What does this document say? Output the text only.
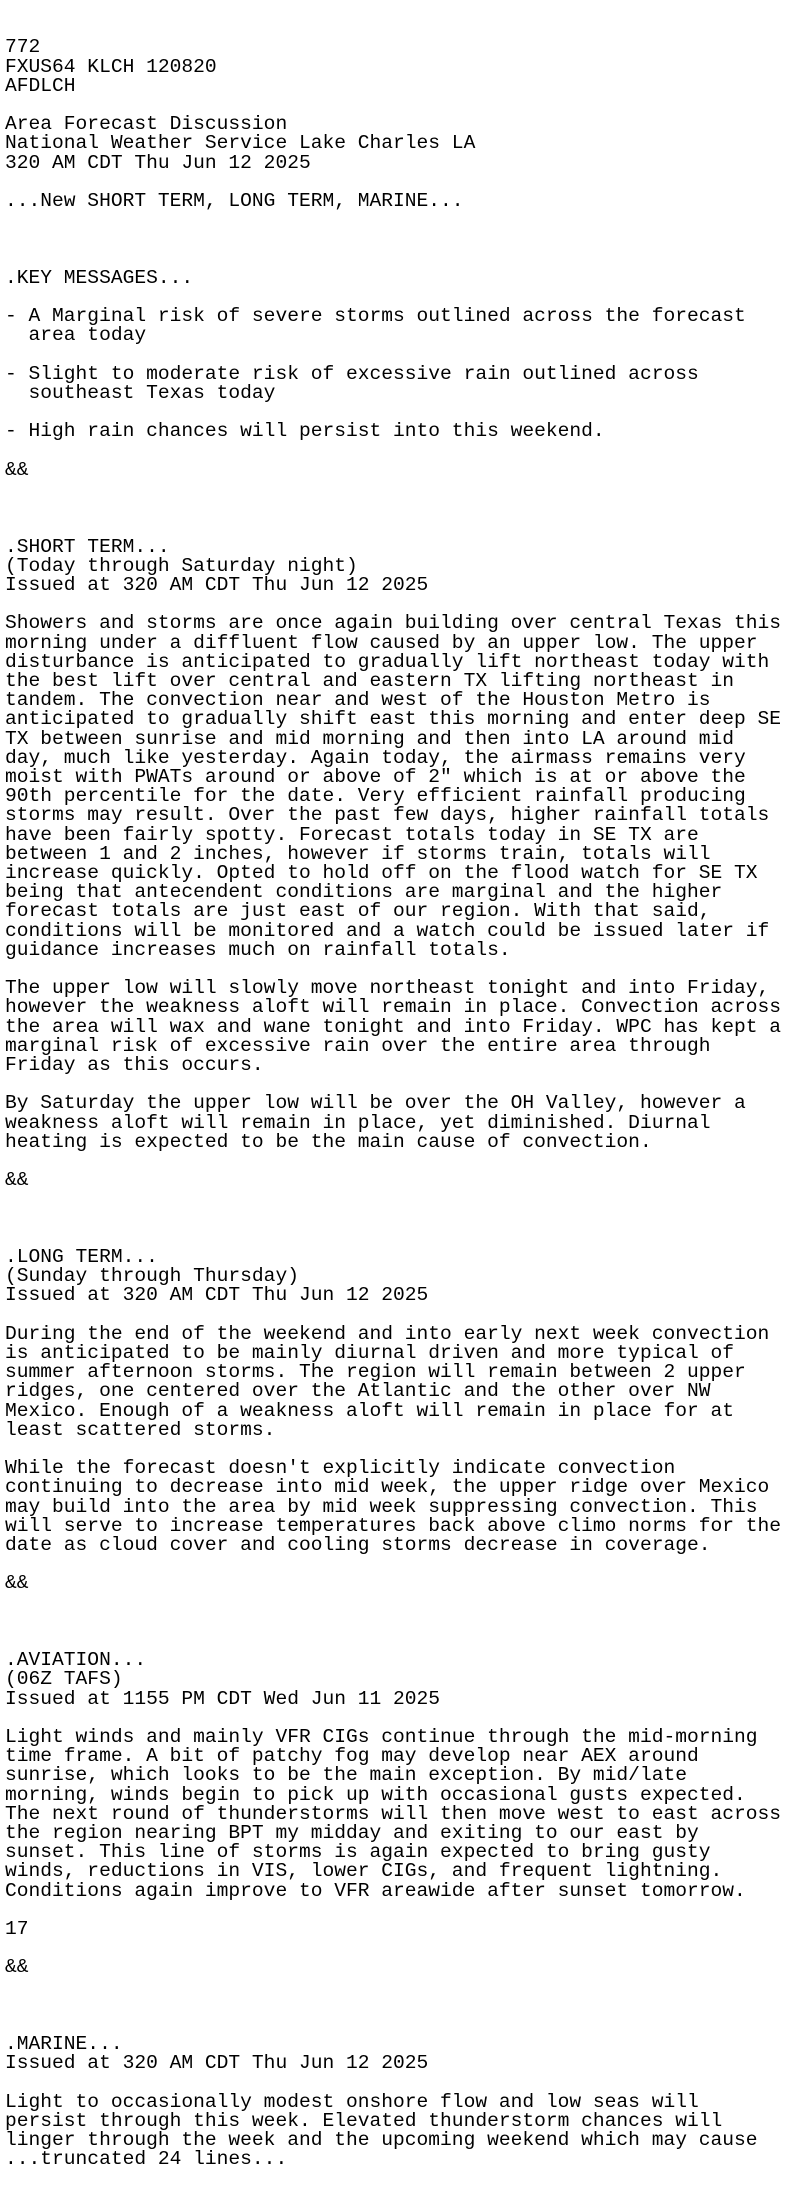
772
FXUS64 KLCH 120820
AFDLCH
Area Forecast Discussion
National Weather Service Lake Charles LA
320 AM CDT Thu Jun 12 2025
...New SHORT TERM, LONG TERM, MARINE...

.KEY MESSAGES...
- A Marginal risk of severe storms outlined across the forecast
area today
- Slight to moderate risk of excessive rain outlined across
southeast Texas today
- High rain chances will persist into this weekend.
&&

.SHORT TERM...
(Today through Saturday night)
Issued at 320 AM CDT Thu Jun 12 2025
Showers and storms are once again building over central Texas this
morning under a diffluent flow caused by an upper low. The upper
disturbance is anticipated to gradually lift northeast today with
the best lift over central and eastern TX lifting northeast in
tandem. The convection near and west of the Houston Metro is
anticipated to gradually shift east this morning and enter deep SE
TX between sunrise and mid morning and then into LA around mid
day, much like yesterday. Again today, the airmass remains very
moist with PWATs around or above of 2" which is at or above the
90th percentile for the date. Very efficient rainfall producing
storms may result. Over the past few days, higher rainfall totals
have been fairly spotty. Forecast totals today in SE TX are
between 1 and 2 inches, however if storms train, totals will
increase quickly. Opted to hold off on the flood watch for SE TX
being that antecendent conditions are marginal and the higher
forecast totals are just east of our region. With that said,
conditions will be monitored and a watch could be issued later if
guidance increases much on rainfall totals.
The upper low will slowly move northeast tonight and into Friday,
however the weakness aloft will remain in place. Convection across
the area will wax and wane tonight and into Friday. WPC has kept a
marginal risk of excessive rain over the entire area through
Friday as this occurs.
By Saturday the upper low will be over the OH Valley, however a
weakness aloft will remain in place, yet diminished. Diurnal
heating is expected to be the main cause of convection.
&&

.LONG TERM...
(Sunday through Thursday)
Issued at 320 AM CDT Thu Jun 12 2025
During the end of the weekend and into early next week convection
is anticipated to be mainly diurnal driven and more typical of
summer afternoon storms. The region will remain between 2 upper
ridges, one centered over the Atlantic and the other over NW
Mexico. Enough of a weakness aloft will remain in place for at
least scattered storms.
While the forecast doesn't explicitly indicate convection
continuing to decrease into mid week, the upper ridge over Mexico
may build into the area by mid week suppressing convection. This
will serve to increase temperatures back above climo norms for the
date as cloud cover and cooling storms decrease in coverage.
&&

.AVIATION...
(06Z TAFS)
Issued at 1155 PM CDT Wed Jun 11 2025
Light winds and mainly VFR CIGs continue through the mid-morning
time frame. A bit of patchy fog may develop near AEX around
sunrise, which looks to be the main exception. By mid/late
morning, winds begin to pick up with occasional gusts expected.
The next round of thunderstorms will then move west to east across
the region nearing BPT my midday and exiting to our east by
sunset. This line of storms is again expected to bring gusty
winds, reductions in VIS, lower CIGs, and frequent lightning.
Conditions again improve to VFR areawide after sunset tomorrow.
17
&&

.MARINE...
Issued at 320 AM CDT Thu Jun 12 2025
Light to occasionally modest onshore flow and low seas will
persist through this week. Elevated thunderstorm chances will
linger through the week and the upcoming weekend which may cause
...truncated 24 lines...
